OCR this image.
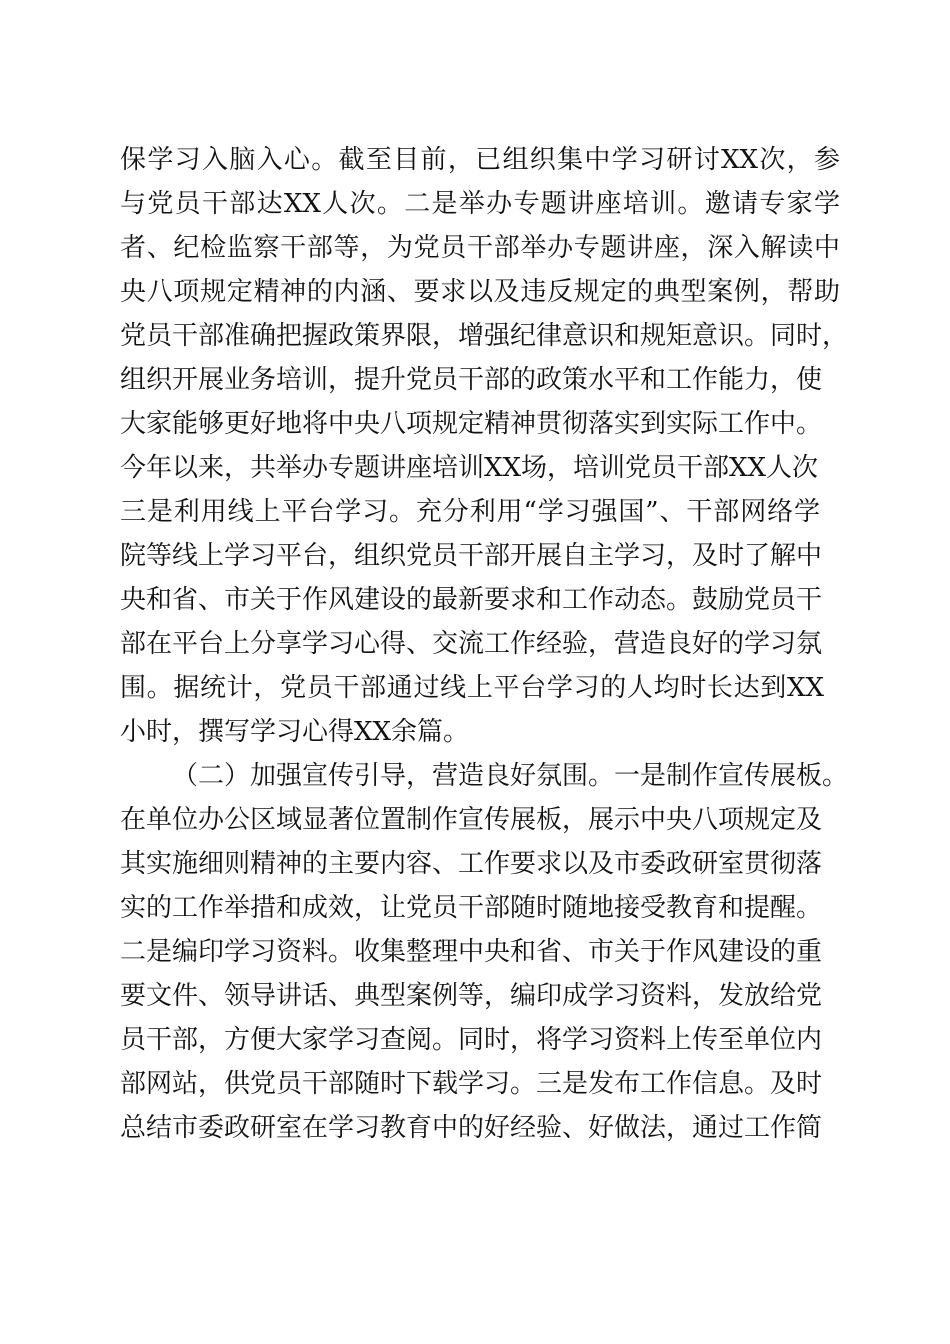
保学习入脑入心。截至目前，已组织集中学习研讨XX次，参
与党员干部达XX人次。二是举办专题讲座培训。邀请专家学
者、纪检监察干部等，为党员干部举办专题讲座，深入解读中
央八项规定精神的内涵、要求以及违反规定的典型案例，帮助
党员干部准确把握政策界限，增强纪律意识和规矩意识。同时，
组织开展业务培训，提升党员干部的政策水平和工作能力，使
大家能够更好地将中央八项规定精神贯彻落实到实际工作中。
今年以来，共举办专题讲座培训XX场，培训党员干部XX人次
三是利用线上平台学习。充分利用“学习强国”、干部网络学
院等线上学习平台，组织党员干部开展自主学习，及时了解中
央和省、市关于作风建设的最新要求和工作动态。鼓励党员干
部在平台上分享学习心得、交流工作经验，营造良好的学习氛
围。据统计，党员干部通过线上平台学习的人均时长达到XX
小时，撰写学习心得XX余篇。
（二）加强宣传引导，营造良好氛围。一是制作宣传展板。
在单位办公区域显著位置制作宣传展板，展示中央八项规定及
其实施细则精神的主要内容、工作要求以及市委政研室贯彻落
实的工作举措和成效，让党员干部随时随地接受教育和提醒。
二是编印学习资料。收集整理中央和省、市关于作风建设的重
要文件、领导讲话、典型案例等，编印成学习资料，发放给党
员干部，方便大家学习查阅。同时，将学习资料上传至单位内
部网站，供党员干部随时下载学习。三是发布工作信息。及时
总结市委政研室在学习教育中的好经验、好做法，通过工作简
